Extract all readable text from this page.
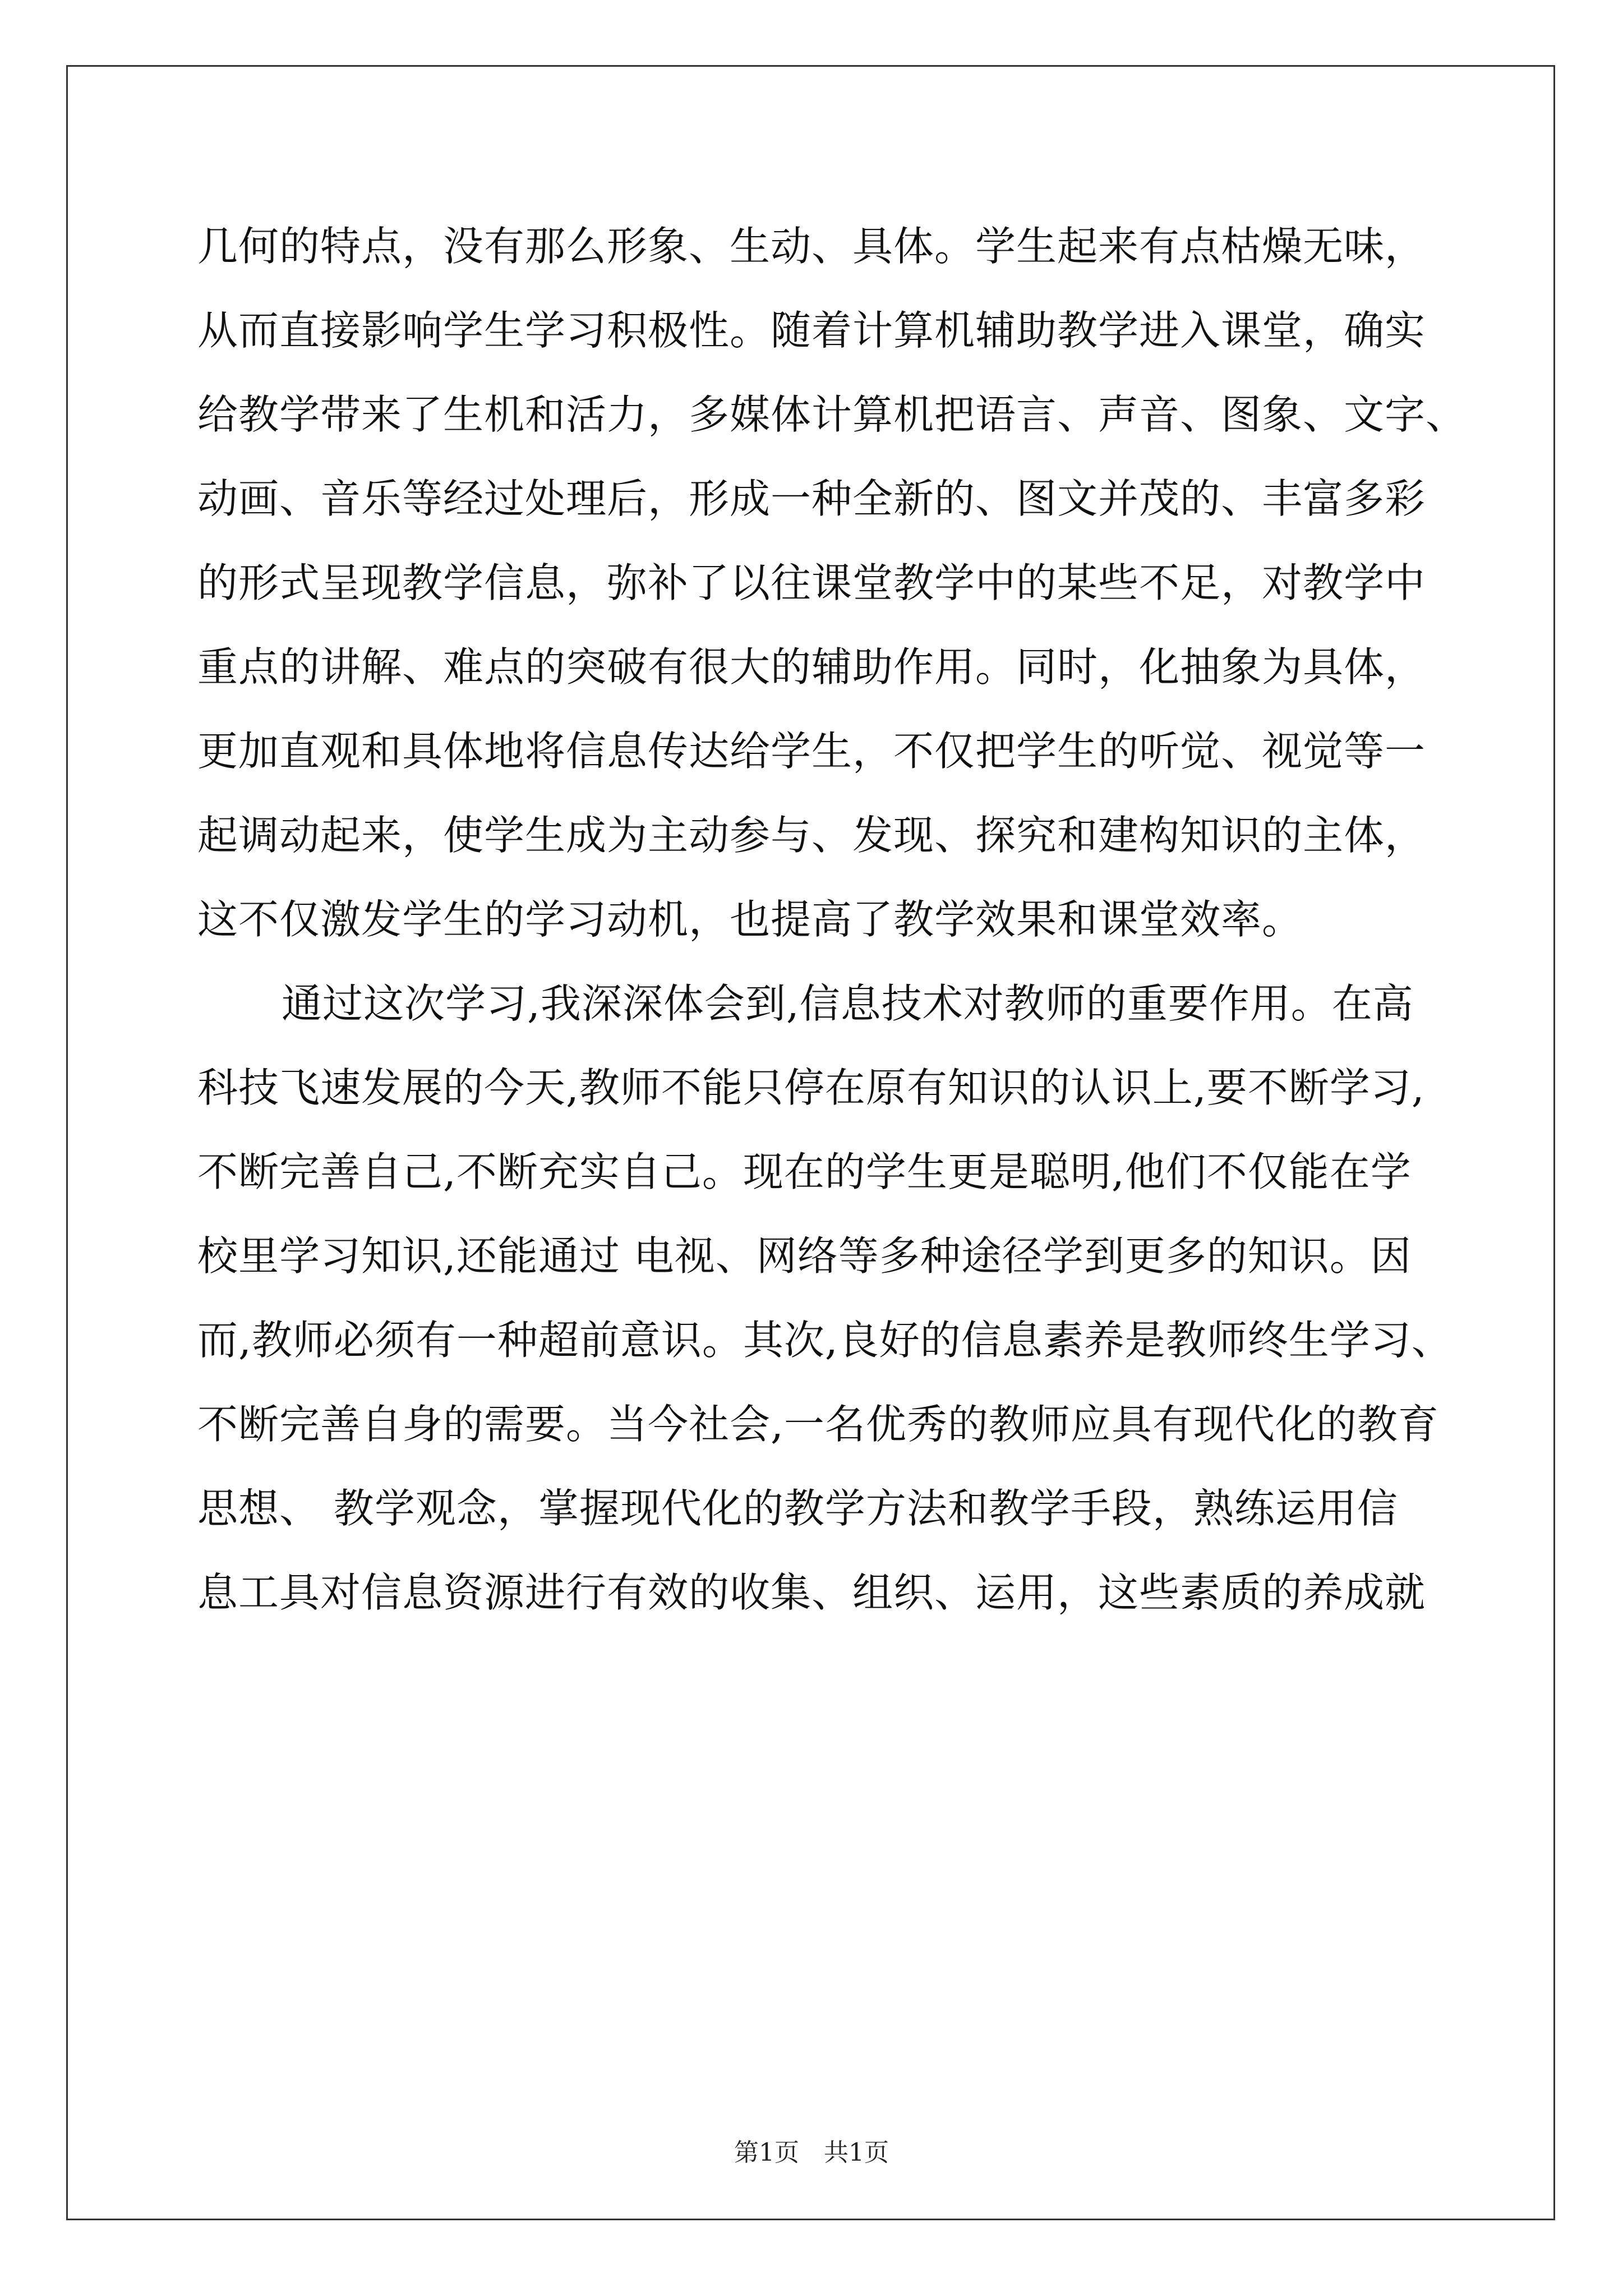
几何的特点，没有那么形象、生动、具体。学生起来有点枯燥无味，
从而直接影响学生学习积极性。随着计算机辅助教学进入课堂，确实
给教学带来了生机和活力，多媒体计算机把语言、声音、图象、文字、
动画、音乐等经过处理后，形成一种全新的、图文并茂的、丰富多彩
的形式呈现教学信息，弥补了以往课堂教学中的某些不足，对教学中
重点的讲解、难点的突破有很大的辅助作用。同时，化抽象为具体，
更加直观和具体地将信息传达给学生，不仅把学生的听觉、视觉等一
起调动起来，使学生成为主动参与、发现、探究和建构知识的主体，
这不仅激发学生的学习动机，也提高了教学效果和课堂效率。
通过这次学习,我深深体会到,信息技术对教师的重要作用。在高
科技飞速发展的今天,教师不能只停在原有知识的认识上,要不断学习,
不断完善自己,不断充实自己。现在的学生更是聪明,他们不仅能在学
校里学习知识,还能通过 电视、网络等多种途径学到更多的知识。因
而,教师必须有一种超前意识。其次,良好的信息素养是教师终生学习、
不断完善自身的需要。当今社会,一名优秀的教师应具有现代化的教育
思想、 教学观念，掌握现代化的教学方法和教学手段，熟练运用信
息工具对信息资源进行有效的收集、组织、运用，这些素质的养成就
第1页　共1页
